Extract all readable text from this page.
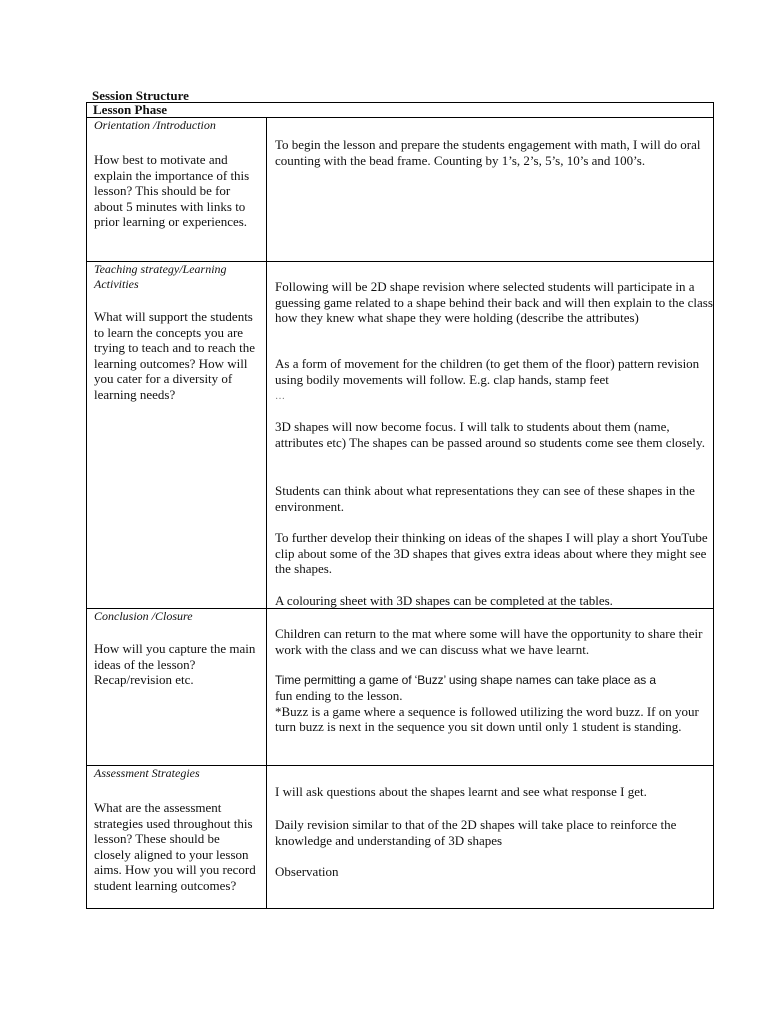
Session Structure
Lesson Phase
Orientation /Introduction
How best to motivate and explain the importance of this lesson? This should be for about 5 minutes with links to prior learning or experiences.
To begin the lesson and prepare the students engagement with math, I will do oral counting with the bead frame. Counting by 1’s, 2’s, 5’s, 10’s and 100’s.
Teaching strategy/Learning Activities
What will support the students to learn the concepts you are trying to teach and to reach the learning outcomes? How will you cater for a diversity of learning needs?
Following will be 2D shape revision where selected students will participate in a guessing game related to a shape behind their back and will then explain to the class how they knew what shape they were holding (describe the attributes)
As a form of movement for the children (to get them of the floor) pattern revision using bodily movements will follow. E.g. clap hands, stamp feet
…
3D shapes will now become focus. I will talk to students about them (name, attributes etc) The shapes can be passed around so students come see them closely.
Students can think about what representations they can see of these shapes in the environment.
To further develop their thinking on ideas of the shapes I will play a short YouTube clip about some of the 3D shapes that gives extra ideas about where they might see the shapes.
A colouring sheet with 3D shapes can be completed at the tables.
Conclusion /Closure
How will you capture the main ideas of the lesson? Recap/revision etc.
Children can return to the mat where some will have the opportunity to share their work with the class and we can discuss what we have learnt.
Time permitting a game of ‘Buzz’ using shape names can take place as a
fun ending to the lesson.
*Buzz is a game where a sequence is followed utilizing the word buzz. If on your turn buzz is next in the sequence you sit down until only 1 student is standing.
Assessment Strategies
What are the assessment strategies used throughout this lesson? These should be closely aligned to your lesson aims. How you will you record student learning outcomes?
I will ask questions about the shapes learnt and see what response I get.
Daily revision similar to that of the 2D shapes will take place to reinforce the knowledge and understanding of 3D shapes
Observation
